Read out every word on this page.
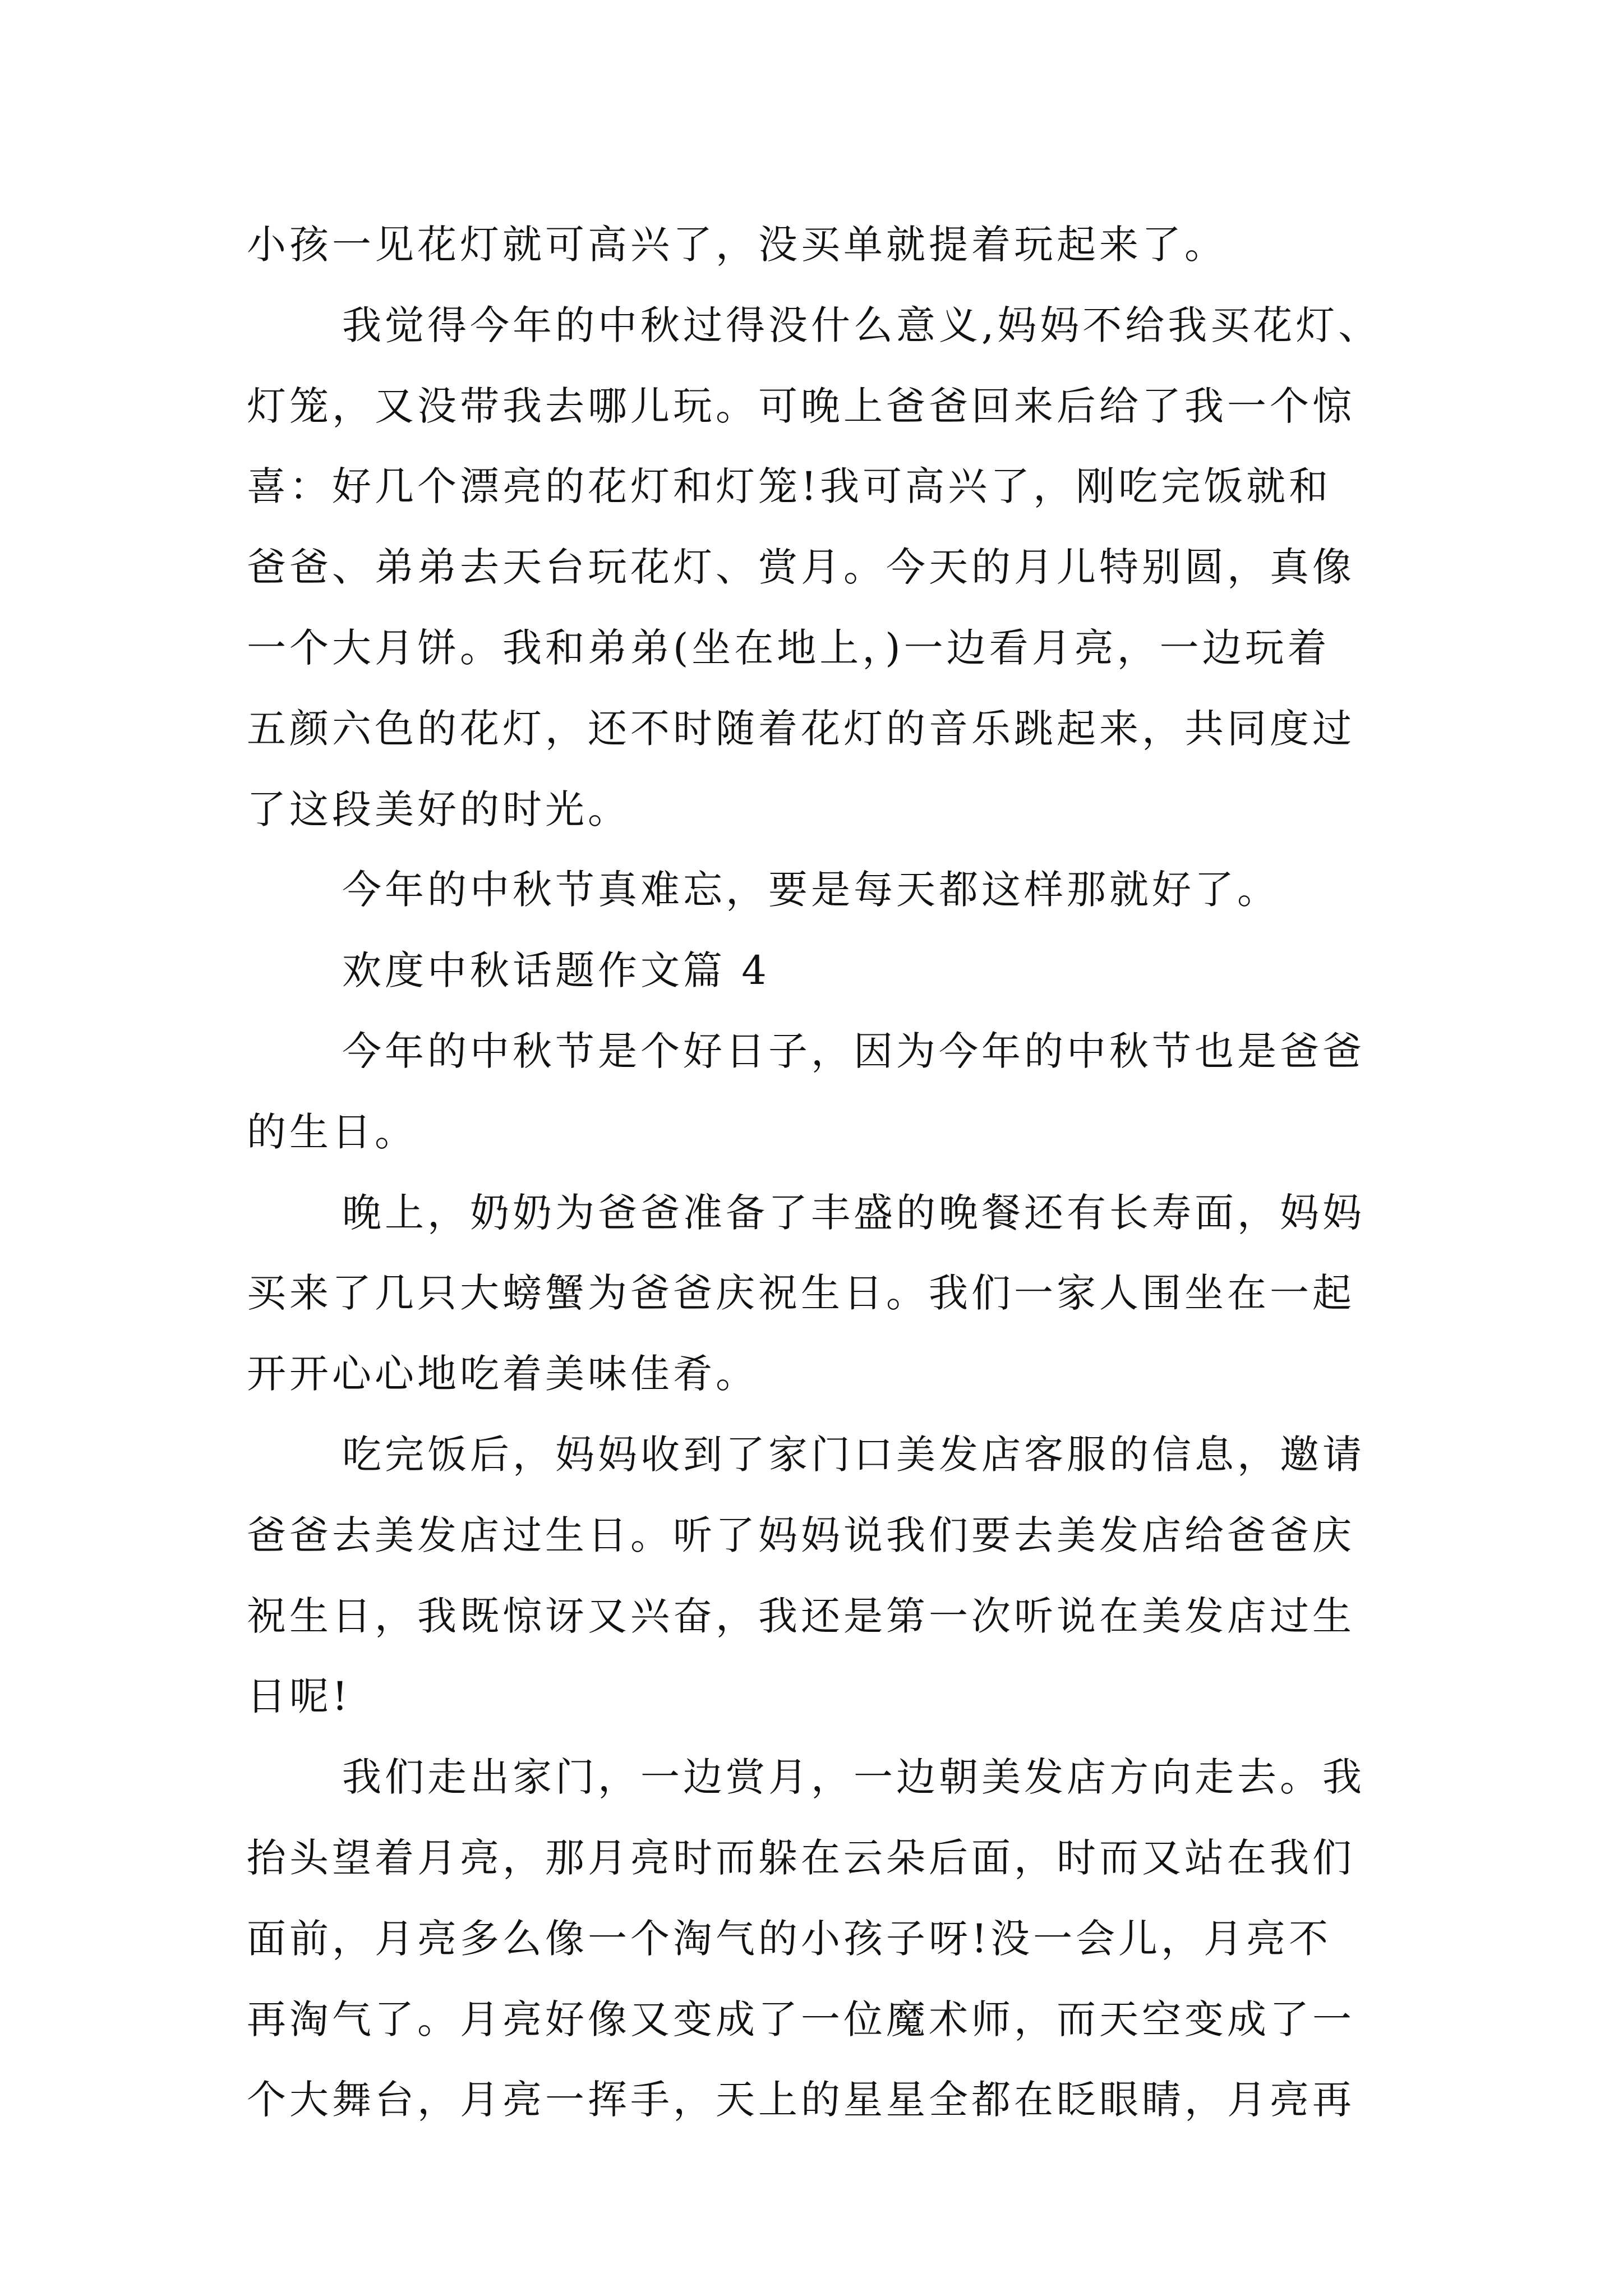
小孩一见花灯就可高兴了，没买单就提着玩起来了。
我觉得今年的中秋过得没什么意义,妈妈不给我买花灯、
灯笼，又没带我去哪儿玩。可晚上爸爸回来后给了我一个惊
喜：好几个漂亮的花灯和灯笼!我可高兴了，刚吃完饭就和
爸爸、弟弟去天台玩花灯、赏月。今天的月儿特别圆，真像
一个大月饼。我和弟弟(坐在地上，)一边看月亮，一边玩着
五颜六色的花灯，还不时随着花灯的音乐跳起来，共同度过
了这段美好的时光。
今年的中秋节真难忘，要是每天都这样那就好了。
欢度中秋话题作文篇 4
今年的中秋节是个好日子，因为今年的中秋节也是爸爸
的生日。
晚上，奶奶为爸爸准备了丰盛的晚餐还有长寿面，妈妈
买来了几只大螃蟹为爸爸庆祝生日。我们一家人围坐在一起
开开心心地吃着美味佳肴。
吃完饭后，妈妈收到了家门口美发店客服的信息，邀请
爸爸去美发店过生日。听了妈妈说我们要去美发店给爸爸庆
祝生日，我既惊讶又兴奋，我还是第一次听说在美发店过生
日呢!
我们走出家门，一边赏月，一边朝美发店方向走去。我
抬头望着月亮，那月亮时而躲在云朵后面，时而又站在我们
面前，月亮多么像一个淘气的小孩子呀!没一会儿，月亮不
再淘气了。月亮好像又变成了一位魔术师，而天空变成了一
个大舞台，月亮一挥手，天上的星星全都在眨眼睛，月亮再
